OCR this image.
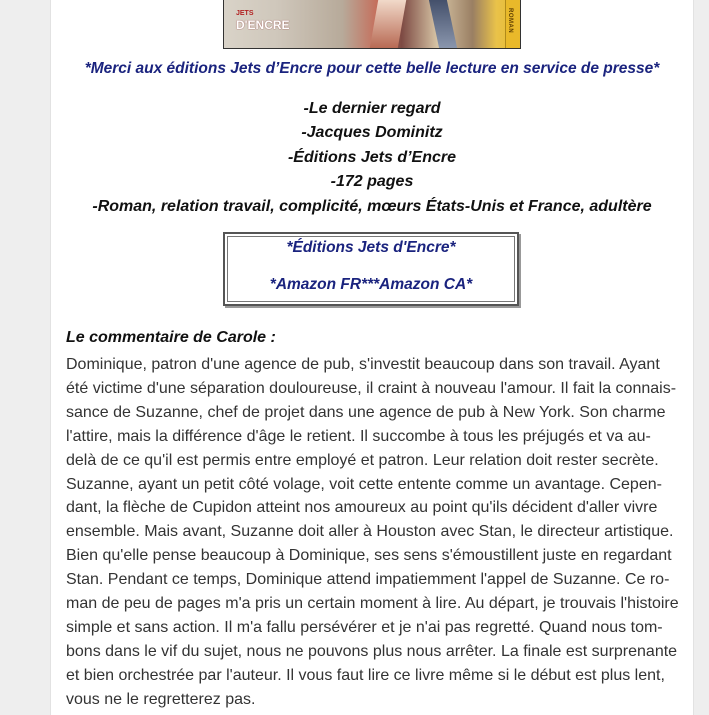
JETS
D'ENCRE	ROMAN
*Merci aux éditions Jets d’Encre pour cette belle lecture en service de presse*
-Le dernier regard
-Jacques Dominitz
-Éditions Jets d’Encre
-172 pages
-Roman, relation travail, complicité, mœurs États-Unis et France, adultère
*Éditions Jets d'Encre*
*Amazon FR***Amazon CA*
Le commentaire de Carole :
Dominique, patron d'une agence de pub, s'investit beaucoup dans son travail. Ayant
été victime d'une séparation douloureuse, il craint à nouveau l'amour. Il fait la connais-
sance de Suzanne, chef de projet dans une agence de pub à New York. Son charme
l'attire, mais la différence d'âge le retient. Il succombe à tous les préjugés et va au-
delà de ce qu'il est permis entre employé et patron. Leur relation doit rester secrète.
Suzanne, ayant un petit côté volage, voit cette entente comme un avantage. Cepen-
dant, la flèche de Cupidon atteint nos amoureux au point qu'ils décident d'aller vivre
ensemble. Mais avant, Suzanne doit aller à Houston avec Stan, le directeur artistique.
Bien qu'elle pense beaucoup à Dominique, ses sens s'émoustillent juste en regardant
Stan. Pendant ce temps, Dominique attend impatiemment l'appel de Suzanne. Ce ro-
man de peu de pages m'a pris un certain moment à lire. Au départ, je trouvais l'histoire
simple et sans action. Il m'a fallu persévérer et je n'ai pas regretté. Quand nous tom-
bons dans le vif du sujet, nous ne pouvons plus nous arrêter. La finale est surprenante
et bien orchestrée par l'auteur. Il vous faut lire ce livre même si le début est plus lent,
vous ne le regretterez pas.
